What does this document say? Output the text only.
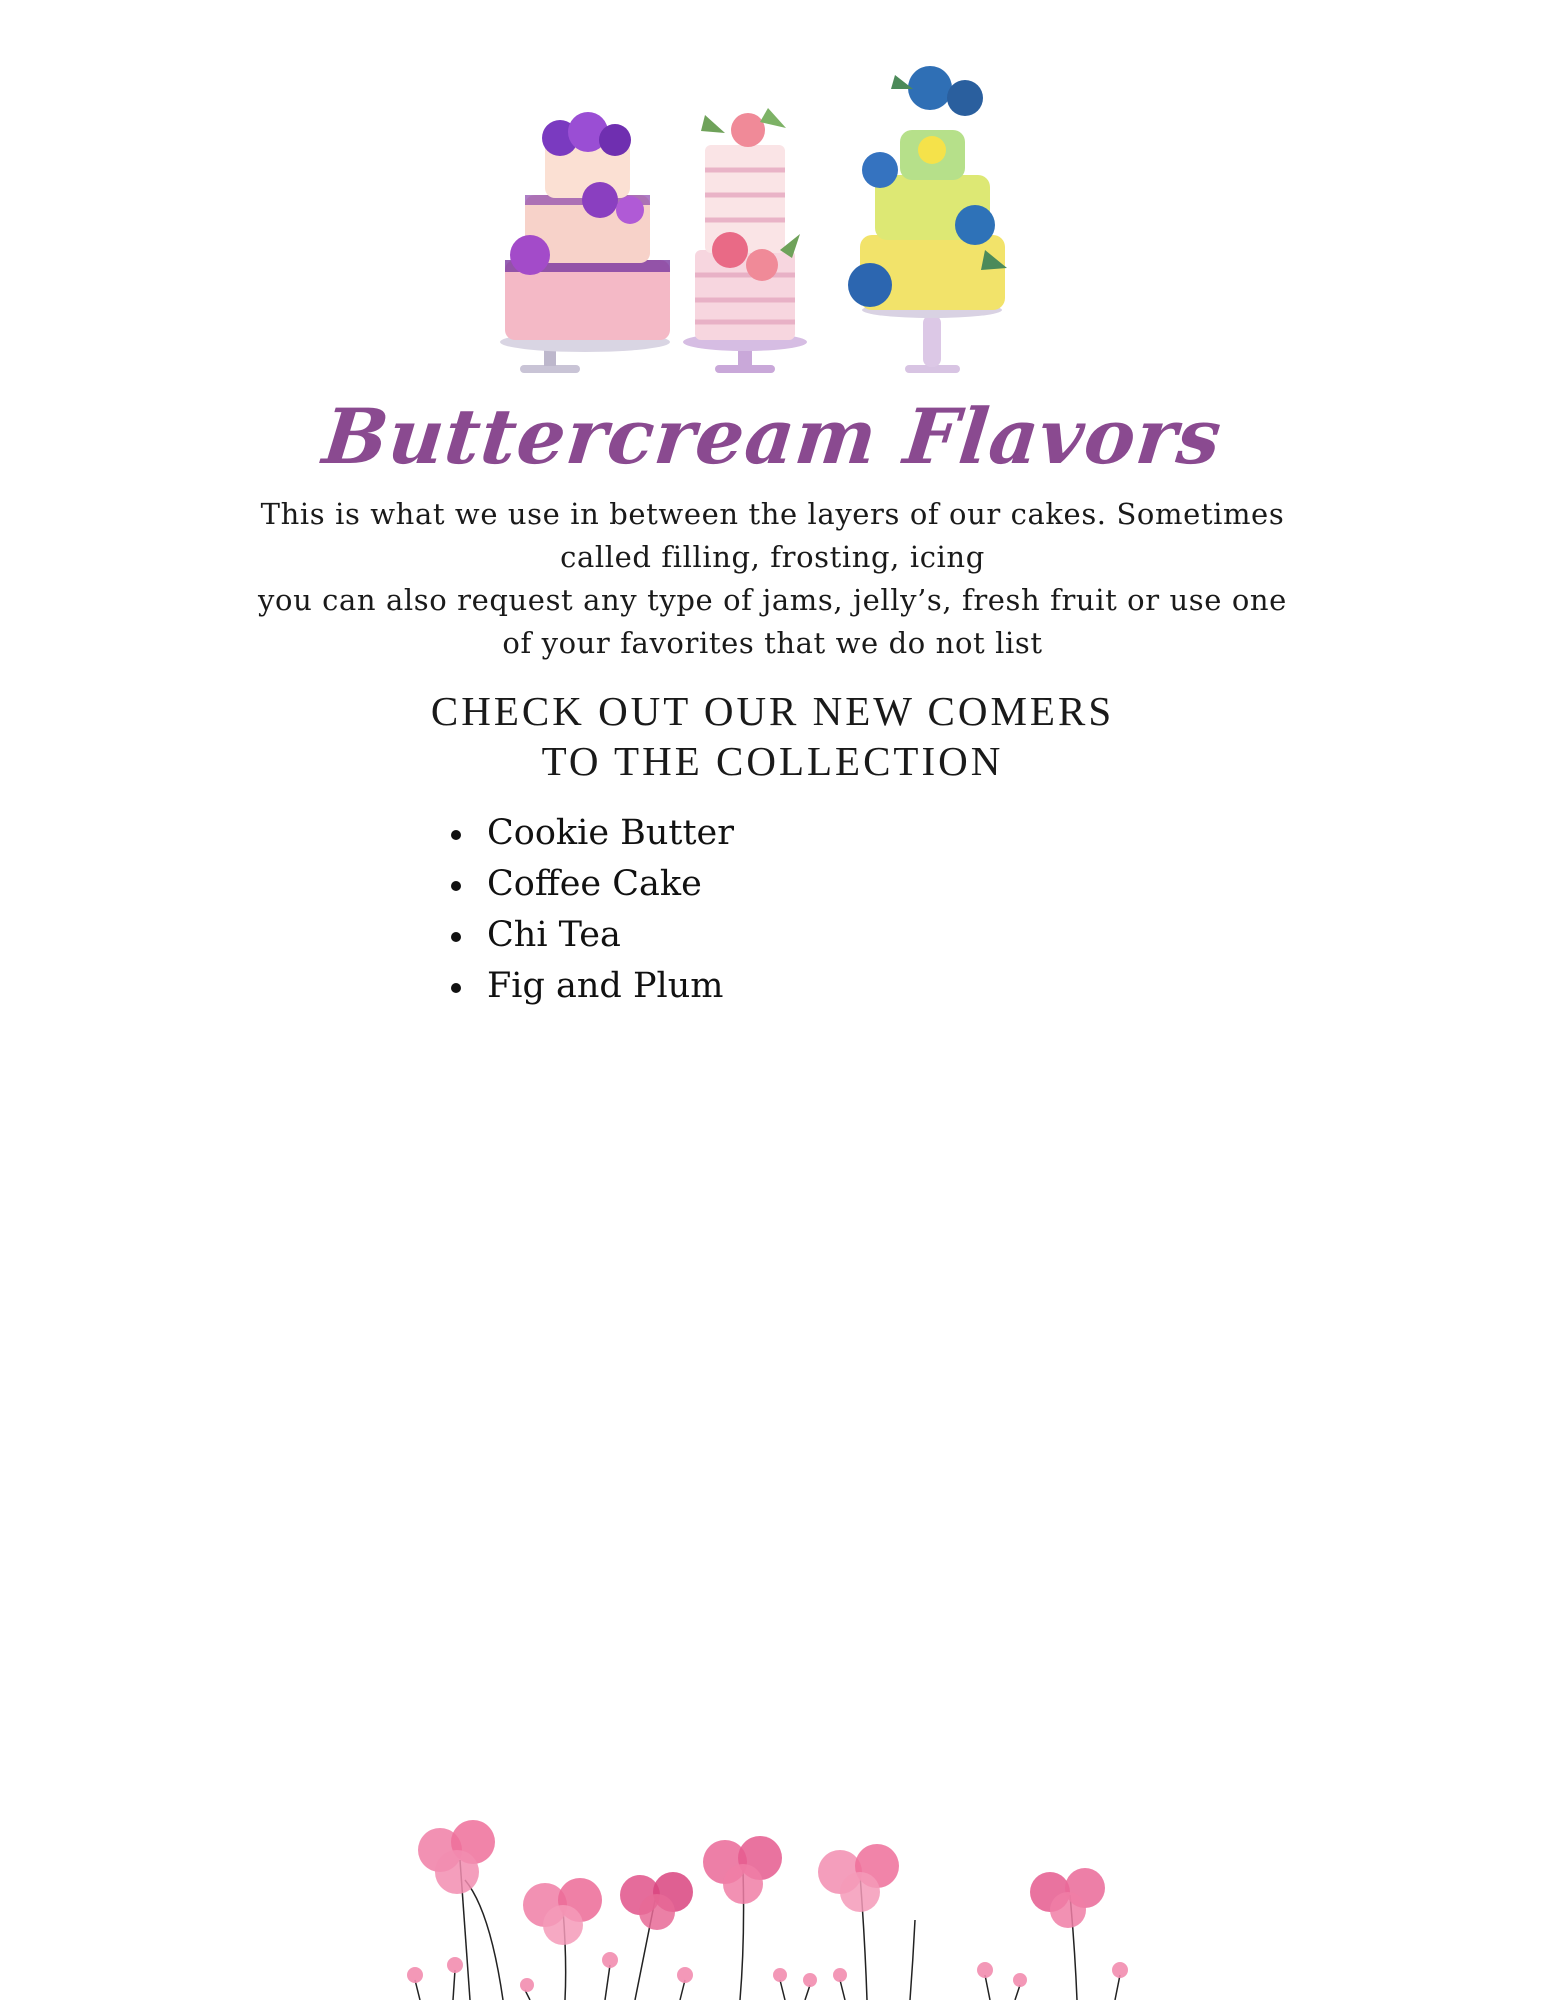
Buttercream Flavors

This is what we use in between the layers of our cakes. Sometimes called filling, frosting, icing

you can also request any type of jams, jelly’s, fresh fruit or use one of your favorites that we do not list

CHECK OUT OUR NEW COMERS TO THE COLLECTION
Cookie Butter
Coffee Cake
Chi Tea
Fig and Plum
